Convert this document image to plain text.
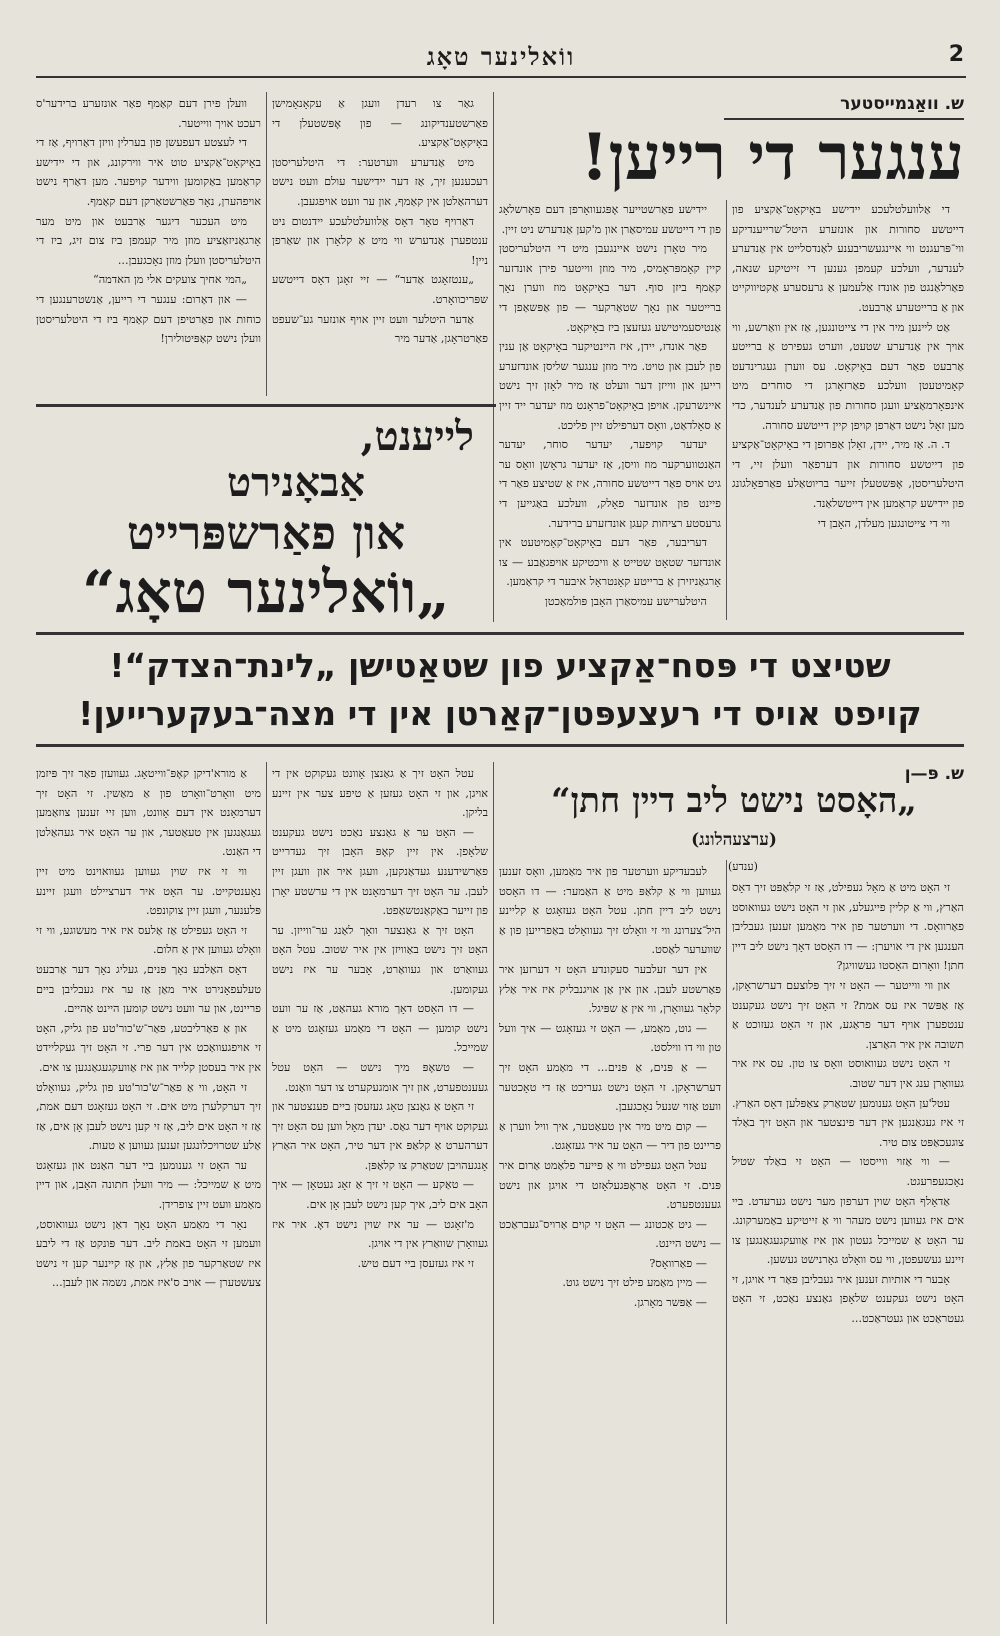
2
ווֹאלינער טאָג
ש. וואַגמייסטער
ענגער די רייען!

די אַלוועלטלעכע יידישע באָיקאָט־אַקציע פון דייטשע סחורות און אונזערע היטל־שרייענדיקע ווי־פּרעגנט ווי איינגעשריבענע לאַנדסלייט אין אַנדערע לענדער, וועלכע קעמפן גענען די זייטיקע שנאה, פאַרלאַנגט פון אונדז אַלעמען אַ גרעסערע אַקטיווקייט און אַ ברייטערע אַרבעט.

אַט ליינען מיר אין די צייטונגען, אַז אין וואַרשע, ווי אויך אין אַנדערע שטעט, ווערט געפירט אַ ברייטע אַרבעט פאַר דעם באָיקאָט. עס ווערן געגרינדעט קאָמיטעטן וועלכע פאַרזאָרגן די סוחרים מיט אינפאָרמאַציע וועגן סחורות פון אַנדערע לענדער, כדי מען זאָל נישט דאַרפן קויפן קיין דייטשע סחורה.

ד. ה. אַז מיר, יידן, זאָלן אַפּרופן די באָיקאָט־אַקציע פון דייטשע סחורות און דערפאַר וועלן זיי, די היטלעריסטן, אָפּשטעלן זייער בריוטאַלע פאַרפאָלגונג פון יידישע קראַמען אין דייטשלאַנד.

ווי די צייטונגען מעלדן, האָבן די

יידישע פאַרשטייער אָפּגעוואָרפן דעם פאָרשלאָג פון די דייטשע עמיסאַרן און מ'קען אַנדערש ניט זיין.

מיר טאָרן נישט איינגעבן מיט די היטלעריסטן קיין קאָמפּראָמיס, מיר מוזן ווייטער פירן אונדזער קאַמף ביזן סוף. דער באָיקאָט מוז ווערן נאָך ברייטער און נאָך שטאַרקער — פון אַפּשאַפן די אַנטיסעמיטישע געזעצן ביז באָיקאָט.

פאַר אונדז, יידן, איז היינטיקער באָיקאָט אַן ענין פון לעבן און טויט. מיר מוזן ענגער שליסן אונדזערע רייען און ווייזן דער וועלט אַז מיר לאָזן זיך נישט איינשרעקן. אויפן באָיקאָט־פראָנט מוז יעדער ייד זיין אַ סאָלדאַט, וואָס דערפילט זיין פליכט.

יעדער קויפער, יעדער סוחר, יעדער האַנטווערקער מוז וויסן, אַז יעדער גראָשן וואָס ער גיט אויס פאַר דייטשע סחורה, איז אַ שטיצע פאַר די פיינט פון אונדזער פאָלק, וועלכע באַגייען די גרעסטע רציחות קעגן אונדזערע ברידער.

דעריבער, פאַר דעם באָיקאָט־קאָמיטעט אין אונדזער שטאָט שטייט אַ וויכטיקע אויפגאַבע — צו אָרגאַניזירן אַ ברייטע קאָנטראָל איבער די קראַמען.

היטלערישע עמיסאַרן האָבן פּולמאַכטן

גאַר צו רעדן וועגן אַ עקאָנאָמישן פאַרשטענדיקונג — פון אָפּשטעלן די באָיקאָט־אַקציע.

מיט אַנדערע ווערטער: די היטלעריסטן רעכענען זיך, אַז דער יידישער עולם וועט נישט דערהאַלטן אין קאַמף, און ער וועט אויפגעבן.

דאַרויף טאָר דאָס אַלוועלטלעכע יידנטום ניט ענטפערן אַנדערש ווי מיט אַ קלאָרן און שאַרפן ניין!

„ענטזאָגט אַדער“ — זיי זאָגן דאָס דייטשע שפּריכוואָרט.

אַדער היטלער וועט זיין אויף אונזער גע־שעפט פאַרטראָגן, אַדער מיר

וועלן פירן דעם קאַמף פאַר אונזערע ברידער'ס רעכט אויך ווייטער.

די לעצטע דעפעשן פון בערלין וויזן דאַרויף, אַז די באָיקאָט־אַקציע טוט איר ווירקונג, און די יידישע קראַמען באַקומען ווידער קויפער. מען דאַרף נישט אויפהערן, נאָר פאַרשטאַרקן דעם קאַמף.

מיט העכער דיגער אַרבעט און מיט מער אָרגאַניזאַציע מוזן מיר קעמפן ביז צום זיג, ביז די היטלעריסטן וועלן מוזן נאָכגעבן...

„המי אחיך צועקים אלי מן האדמה“

— און דאַרום: ענגער די רייען, אַנשטרענגען די כוחות און פאַרטיפן דעם קאַמף ביז די היטלעריסטן וועלן נישט קאַפּיטולירן!

לייענט,
אַבאָנירט
און פאַרשפּרייט
„ווֹאלינער טאָג“
שטיצט די פּסח־אַקציע פון שטאַטישן „לינת־הצדק“!
קויפט אויס די רעצעפּטן־קאַרטן אין די מצה־בעקערייען!
ש. פּ—ן
„האָסט נישט ליב דיין חתן“
(ערצעהלונג)
(ענדע)

זי האָט מיט אַ מאָל געפילט, אַז זי קלאַפּט זיך דאָס האַרץ, ווי אַ קליין פייגעלע, און זי האָט נישט געוואוסט פאַרוואָס. די ווערטער פון איר מאַמען זענען געבליבן הענגען אין די אויערן: — דו האָסט דאָך נישט ליב דיין חתן! וואָרום האָסטו געשוויגן?

און ווי ווייטער — האָט זי זיך פּלוצעם דערשראָקן, אַז אַפּשר איז עס אמת? זי האָט זיך נישט געקענט ענטפערן אויף דער פראַגע, און זי האָט געזוכט אַ תשובה אין איר האַרצן.

זי האָט נישט געוואוסט וואָס צו טון. עס איז איר געוואָרן ענג אין דער שטוב.

עטל'ען האָט גענומען שטאַרק צאַפּלען דאָס האַרץ. זי איז געגאַנגען אין דער פינצטער און האָט זיך באַלד צוגעכאַפּט צום טיר.

— ווי אַזוי ווייסטו — האָט זי באַלד שטיל נאָכגעפרעגט.

אַדאָלף האָט שוין דערפון מער נישט גערעדט. ביי אים איז געווען נישט מעהר ווי אַ זייטיקע באַמערקונג. ער האָט אַ שמייכל געטון און איז אַוועקגעגאַנגען צו זיינע געשעפטן, ווי עס וואָלט גאָרנישט געשען.

אָבער די אותיות זענען איר געבליבן פאַר די אויגן, זי האָט נישט געקענט שלאָפן גאַנצע נאַכט, זי האָט געטראַכט און געטראַכט...

לעבעדיקע ווערטער פון איר מאַמען, וואָס זענען געווען ווי אַ קלאַפּ מיט אַ האַמער: — דו האָסט נישט ליב דיין חתן. עטל האָט געזאָגט אַ קליינע היל־צערונג ווי זי וואָלט זיך געוואָלט באַפרייען פון אַ שווערער לאַסט.

אין דער זעלבער סעקונדע האָט זי דערזען איר פאַרשטע לעבן. און אין אַן אויגנבליק איז איר אַלץ קלאָר געוואָרן, ווי אין אַ שפּיגל.

— גוט, מאַמע, — האָט זי געזאָגט — איך וועל טון ווי דו ווילסט.

— אַ פּנים, אַ פּנים... די מאַמע האָט זיך דערשראָקן. זי האָט נישט געריכט אַז די טאָכטער וועט אַזוי שנעל נאָכגעבן.

— קום מיט מיר אין טעאַטער, איך וויל ווערן אַ פריינט פון דיר — האָט ער איר געזאָגט.

עטל האָט געפילט ווי אַ פייער פלאַמט אַרום איר פּנים. זי האָט אַראָפּגעלאָזט די אויגן און נישט געענטפערט.

— גיט אַכטונג — האָט זי קוים אַרויס־געבראַכט — נישט היינט.

— פאַרוואָס?

— מיין מאַמע פילט זיך נישט גוט.

— אַפּשר מאָרגן.

עטל האָט זיך אַ גאַנצן אָוונט געקוקט אין די אויגן, און זי האָט געזען אַ טיפע צער אין זיינע בליקן.

— האָט ער אַ גאַנצע נאַכט נישט געקענט שלאָפן. אין זיין קאָפּ האָבן זיך געדרייט פאַרשידענע געדאַנקען, וועגן איר און וועגן זיין לעבן. ער האָט זיך דערמאָנט אין די ערשטע יאָרן פון זייער באַקאַנטשאַפט.

האָט זיך אַ גאַנצער וואָך לאַנג ער־ווייזן. ער האָט זיך נישט באַוויזן אין איר שטוב. עטל האָט געוואַרט און געוואַרט, אָבער ער איז נישט געקומען.

— דו האָסט דאָך מורא געהאַט, אַז ער וועט נישט קומען — האָט די מאַמע געזאָגט מיט אַ שמייכל.

— טשאָפּ מיך נישט — האָט עטל געענטפערט, און זיך אומגעקערט צו דער וואַנט.

זי האָט אַ גאַנצן טאָג געזעסן ביים פענצטער און געקוקט אויף דער גאַס. יעדן מאָל ווען עס האָט זיך דערהערט אַ קלאַפּ אין דער טיר, האָט איר האַרץ אָנגעהויבן שטאַרק צו קלאַפּן.

— טאַקע — האָט זי זיך אַ זאָג געטאָן — איך האָב אים ליב, איך קען נישט לעבן אָן אים.

מ'זאָגט — ער איז שוין נישט דאָ. איר איז געוואָרן שוואַרץ אין די אויגן.

זי איז געזעסן ביי דעם טיש.

אַ מורא'דיקן קאָפּ־ווייטאָג. געוועזן פאַר זיך פּיזמן מיט וואָרט־וואָרט פון אַ מאַשין. זי האָט זיך דערמאָנט אין דעם אָוונט, ווען זיי זענען צוזאַמען געגאַנגען אין טעאַטער, און ער האָט איר געהאַלטן די האַנט.

ווי זי איז שוין געווען געוואוינט מיט זיין נאָענטקייט. ער האָט איר דערציילט וועגן זיינע פּלענער, וועגן זיין צוקונפט.

זי האָט געפילט אַז אַלעס איז איר מעשוגע, ווי זי וואָלט געווען אין אַ חלום.

דאָס האַלבע נאָך פּנים, געליג נאָך דער אַרבעט טעלעפאָנירט איר מאַן אַז ער איז געבליבן ביים פריינט, און ער וועט נישט קומען היינט אַהיים.

און אַ פאַרליבטע, פאַר־ש'כור'טע פון גליק, האָט זי אויפגעוואַכט אין דער פרי. זי האָט זיך געקליידט אין איר בעסטן קלייד און איז אַוועקגעגאַנגען צו אים.

זי האָט, ווי אַ פאַר־ש'כור'טע פון גליק, געוואָלט זיך דערקלערן מיט אים. זי האָט געזאָגט דעם אמת, אַז זי האָט אים ליב, אַז זי קען נישט לעבן אָן אים, אַז אַלע שטרויכלונגען זענען געווען אַ טעות.

ער האָט זי גענומען ביי דער האַנט און געזאָגט מיט אַ שמייכל: — מיר וועלן חתונה האָבן, און דיין מאַמע וועט זיין צופרידן.

נאָר די מאַמע האָט נאָך דאַן נישט געוואוסט, וועמען זי האָט באמת ליב. דער פּונקט אַז די ליבע איז שטאַרקער פון אַלץ, און אַז קיינער קען זי נישט צעשטערן — אויב ס'איז אמת, נשמה און לעבן...
